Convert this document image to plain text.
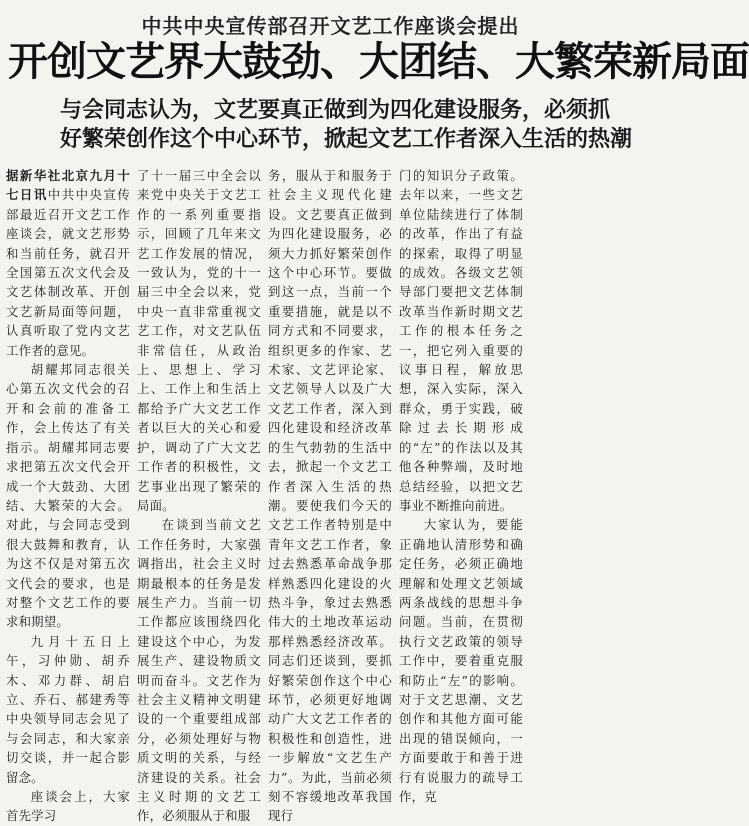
中共中央宣传部召开文艺工作座谈会提出
开创文艺界大鼓劲、大团结、大繁荣新局面
与会同志认为，文艺要真正做到为四化建设服务，必须抓
好繁荣创作这个中心环节，掀起文艺工作者深入生活的热潮

据新华社北京九月十七日讯中共中央宣传部最近召开文艺工作座谈会，就文艺形势和当前任务，就召开全国第五次文代会及文艺体制改革、开创文艺新局面等问题，认真听取了党内文艺工作者的意见。

胡耀邦同志很关心第五次文代会的召开和会前的准备工作，会上传达了有关指示。胡耀邦同志要求把第五次文代会开成一个大鼓劲、大团结、大繁荣的大会。对此，与会同志受到很大鼓舞和教育，认为这不仅是对第五次文代会的要求，也是对整个文艺工作的要求和期望。

九月十五日上午，习仲勋、胡乔木、邓力群、胡启立、乔石、郝建秀等中央领导同志会见了与会同志，和大家亲切交谈，并一起合影留念。

座谈会上，大家首先学习

了十一届三中全会以来党中央关于文艺工作的一系列重要指示，回顾了几年来文艺工作发展的情况，一致认为，党的十一届三中全会以来，党中央一直非常重视文艺工作，对文艺队伍非常信任，从政治上、思想上、学习上、工作上和生活上都给予广大文艺工作者以巨大的关心和爱护，调动了广大文艺工作者的积极性，文艺事业出现了繁荣的局面。

在谈到当前文艺工作任务时，大家强调指出，社会主义时期最根本的任务是发展生产力。当前一切工作都应该围绕四化建设这个中心，为发展生产、建设物质文明而奋斗。文艺作为社会主义精神文明建设的一个重要组成部分，必须处理好与物质文明的关系，与经济建设的关系。社会主义时期的文艺工作，必须服从于和服

务，服从于和服务于社会主义现代化建设。文艺要真正做到为四化建设服务，必须大力抓好繁荣创作这个中心环节。要做到这一点，当前一个重要措施，就是以不同方式和不同要求，组织更多的作家、艺术家、文艺评论家、文艺领导人以及广大文艺工作者，深入到四化建设和经济改革的生气勃勃的生活中去，掀起一个文艺工作者深入生活的热潮。要使我们今天的文艺工作者特别是中青年文艺工作者，象过去熟悉革命战争那样熟悉四化建设的火热斗争，象过去熟悉伟大的土地改革运动那样熟悉经济改革。同志们还谈到，要抓好繁荣创作这个中心环节，必须更好地调动广大文艺工作者的积极性和创造性，进一步解放“文艺生产力”。为此，当前必须刻不容缓地改革我国现行

门的知识分子政策。去年以来，一些文艺单位陆续进行了体制的改革，作出了有益的探索，取得了明显的成效。各级文艺领导部门要把文艺体制改革当作新时期文艺工作的根本任务之一，把它列入重要的议事日程，解放思想，深入实际，深入群众，勇于实践，破除过去长期形成的“左”的作法以及其他各种弊端，及时地总结经验，以把文艺事业不断推向前进。

大家认为，要能正确地认清形势和确定任务，必须正确地理解和处理文艺领域两条战线的思想斗争问题。当前，在贯彻执行文艺政策的领导工作中，要着重克服和防止“左”的影响。对于文艺思潮、文艺创作和其他方面可能出现的错误倾向，一方面要敢于和善于进行有说服力的疏导工作，克
